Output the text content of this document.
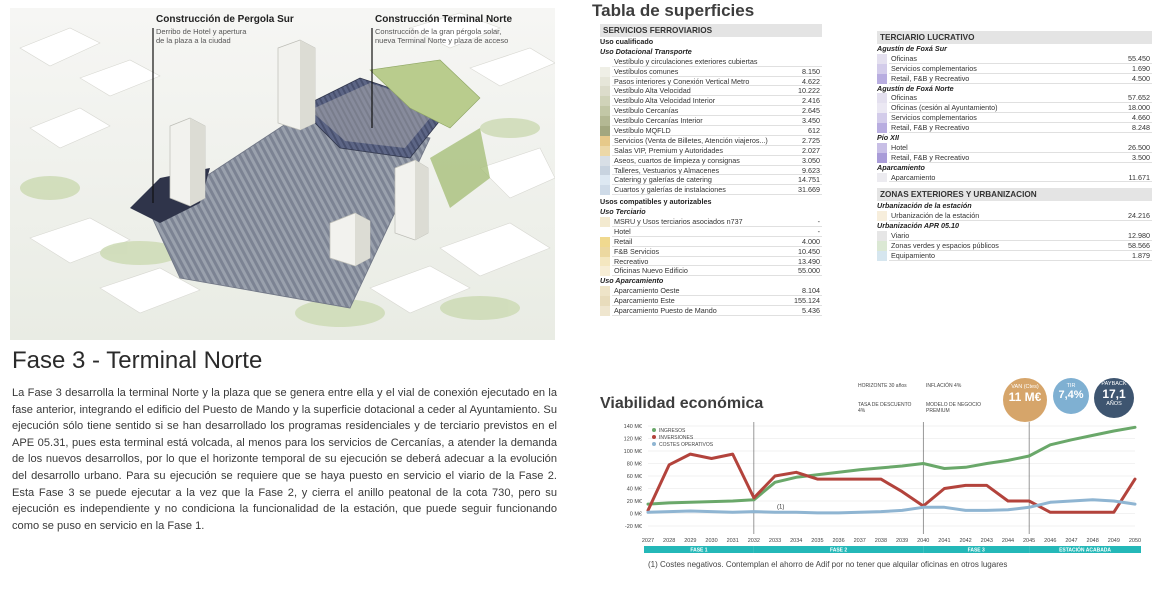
Construcción de Pergola Sur
Derribo de Hotel y apertura
de la plaza a la ciudad
Construcción Terminal Norte
Construcción de la gran pérgola solar,
nueva Terminal Norte y plaza de acceso
Fase 3 - Terminal Norte

La Fase 3 desarrolla la terminal Norte y la plaza que se genera entre ella y el vial de conexión ejecutado en la fase anterior, integrando el edificio del Puesto de Mando y la superficie dotacional a ceder al Ayuntamiento. Su ejecución sólo tiene sentido si se han desarrollado los programas residenciales y de terciario previstos en el APE 05.31, pues esta terminal está volcada, al menos para los servicios de Cercanías, a atender la demanda de los nuevos desarrollos, por lo que el horizonte temporal de su ejecución se deberá adecuar a la evolución del desarrollo urbano. Para su ejecución se requiere que se haya puesto en servicio el viario de la Fase 2. Esta Fase 3 se puede ejecutar a la vez que la Fase 2, y cierra el anillo peatonal de la cota 730, pero su ejecución es independiente y no condiciona la funcionalidad de la estación, que puede seguir funcionando como se puso en servicio en la Fase 1.

Tabla de superficies
SERVICIOS FERROVIARIOS
Uso cualificado
Uso Dotacional Transporte
Vestíbulo y circulaciones exteriores cubiertas
Vestíbulos comunes	8.150
Pasos interiores y Conexión Vertical Metro	4.622
Vestíbulo Alta Velocidad	10.222
Vestíbulo Alta Velocidad Interior	2.416
Vestíbulo Cercanías	2.645
Vestíbulo Cercanías Interior	3.450
Vestíbulo MQFLD	612
Servicios (Venta de Billetes, Atención viajeros...)	2.725
Salas VIP, Premium y Autoridades	2.027
Aseos, cuartos de limpieza y consignas	3.050
Talleres, Vestuarios y Almacenes	9.623
Catering y galerías de catering	14.751
Cuartos y galerías de instalaciones	31.669
Usos compatibles y autorizables
Uso Terciario
MSRU y Usos terciarios asociados n737	-
Hotel	-
Retail	4.000
F&B Servicios	10.450
Recreativo	13.490
Oficinas Nuevo Edificio	55.000
Uso Aparcamiento
Aparcamiento Oeste	8.104
Aparcamiento Este	155.124
Aparcamiento Puesto de Mando	5.436
TERCIARIO LUCRATIVO
Agustín de Foxá Sur
Oficinas	55.450
Servicios complementarios	1.690
Retail, F&B y Recreativo	4.500
Agustín de Foxá Norte
Oficinas	57.652
Oficinas (cesión al Ayuntamiento)	18.000
Servicios complementarios	4.660
Retail, F&B y Recreativo	8.248
Pío XII
Hotel	26.500
Retail, F&B y Recreativo	3.500
Aparcamiento
Aparcamiento	11.671
ZONAS EXTERIORES Y URBANIZACION
Urbanización de la estación
Urbanización de la estación	24.216
Urbanización APR 05.10
Viario	12.980
Zonas verdes y espacios públicos	58.566
Equipamiento	1.879
Viabilidad económica
HORIZONTE 30 años	INFLACIÓN 4%
TASA DE DESCUENTO 4%
MODELO DE NEGOCIO PREMIUM
VAN (Ctes)
11 M€
TIR
7,4%
PAYBACK
17,1
AÑOS
-20 M€
0 M€
20 M€
40 M€
60 M€
80 M€
100 M€
120 M€
140 M€
INGRESOS
INVERSIONES
COSTES OPERATIVOS
(1)
2027 2028 2029 2030 2031 2032 2033 2034 2035 2036 2037 2038 2039 2040 2041 2042 2043 2044 2045 2046 2047 2048 2049 2050
FASE 1	FASE 2	FASE 3	ESTACIÓN ACABADA
(1) Costes negativos. Contemplan el ahorro de Adif por no tener que alquilar oficinas en otros lugares
